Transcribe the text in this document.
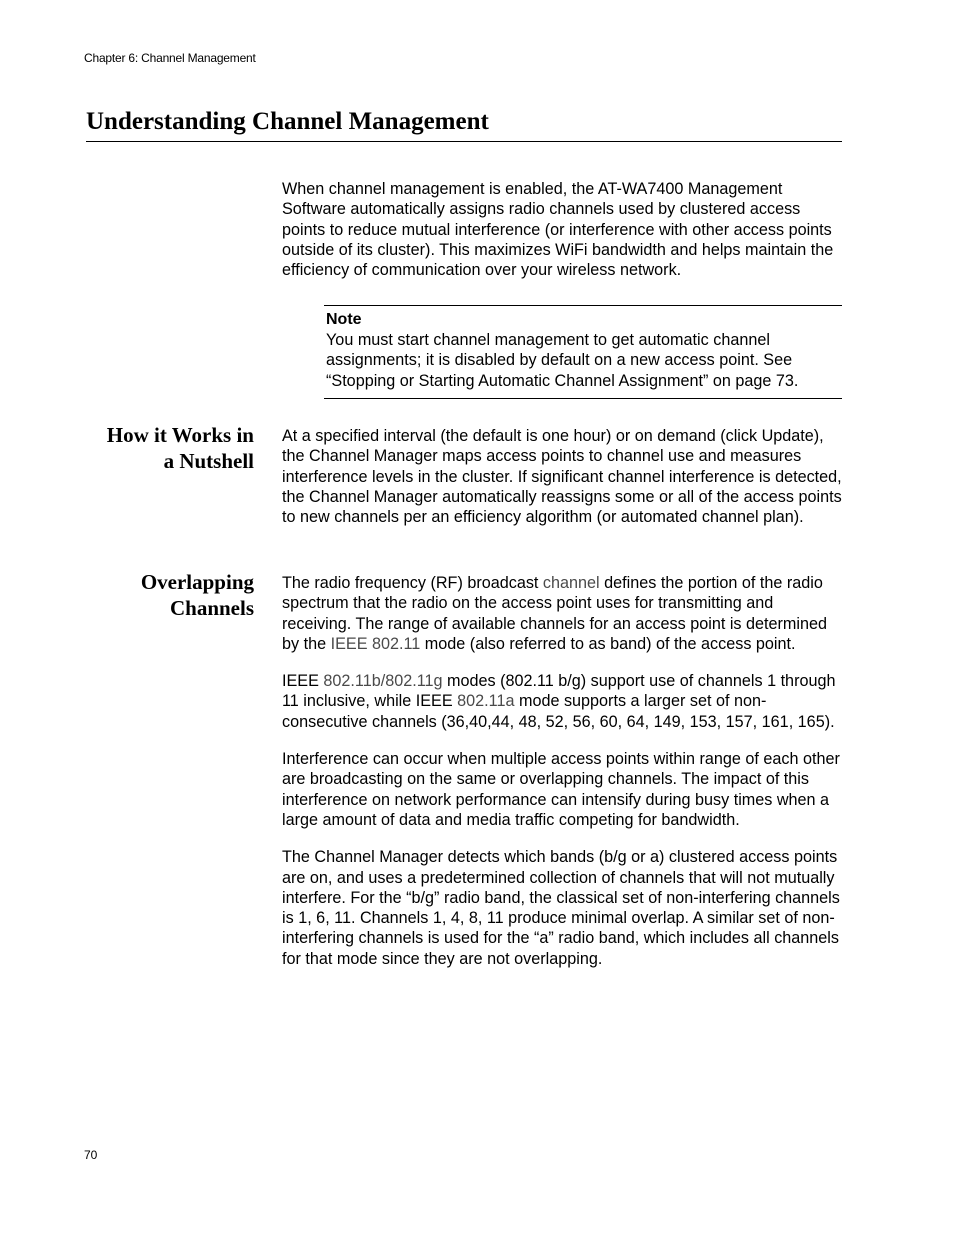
Chapter 6: Channel Management
Understanding Channel Management

When channel management is enabled, the AT-WA7400 Management Software automatically assigns radio channels used by clustered access points to reduce mutual interference (or interference with other access points outside of its cluster). This maximizes WiFi bandwidth and helps maintain the efficiency of communication over your wireless network.

Note

You must start channel management to get automatic channel assignments; it is disabled by default on a new access point. See “Stopping or Starting Automatic Channel Assignment” on page 73.

How it Works in
a Nutshell

At a specified interval (the default is one hour) or on demand (click Update), the Channel Manager maps access points to channel use and measures interference levels in the cluster. If significant channel interference is detected, the Channel Manager automatically reassigns some or all of the access points to new channels per an efficiency algorithm (or automated channel plan).

Overlapping
Channels

The radio frequency (RF) broadcast channel defines the portion of the radio spectrum that the radio on the access point uses for transmitting and receiving. The range of available channels for an access point is determined by the IEEE 802.11 mode (also referred to as band) of the access point.

IEEE 802.11b/802.11g modes (802.11 b/g) support use of channels 1 through 11 inclusive, while IEEE 802.11a mode supports a larger set of non-consecutive channels (36,40,44, 48, 52, 56, 60, 64, 149, 153, 157, 161, 165).

Interference can occur when multiple access points within range of each other are broadcasting on the same or overlapping channels. The impact of this interference on network performance can intensify during busy times when a large amount of data and media traffic competing for bandwidth.

The Channel Manager detects which bands (b/g or a) clustered access points are on, and uses a predetermined collection of channels that will not mutually interfere. For the “b/g” radio band, the classical set of non-interfering channels is 1, 6, 11. Channels 1, 4, 8, 11 produce minimal overlap. A similar set of non-interfering channels is used for the “a” radio band, which includes all channels for that mode since they are not overlapping.

70
